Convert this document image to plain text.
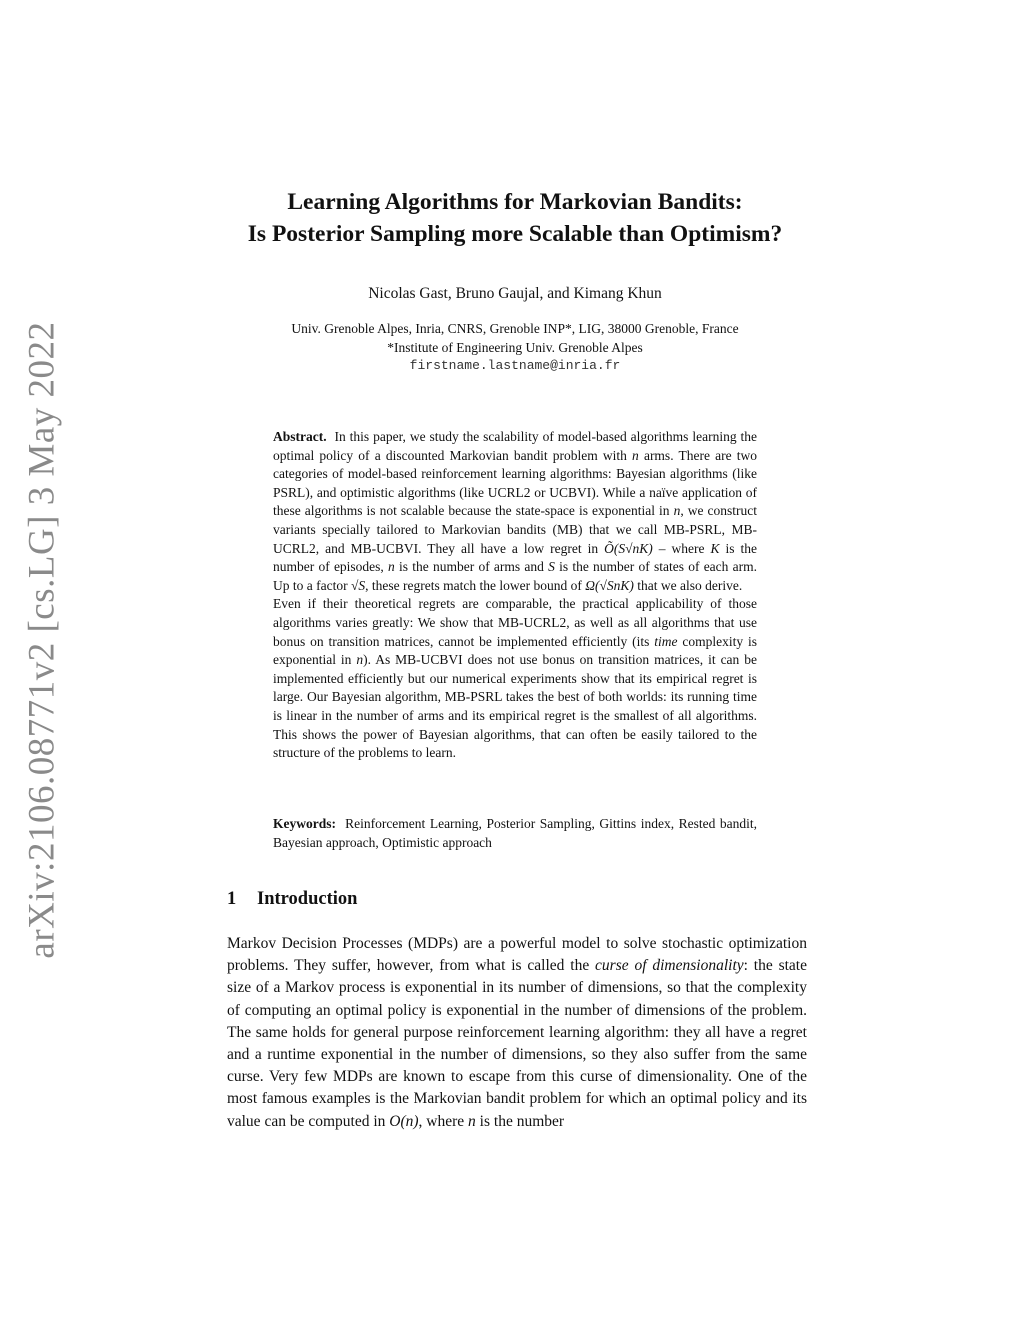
arXiv:2106.08771v2 [cs.LG] 3 May 2022
Learning Algorithms for Markovian Bandits:
Is Posterior Sampling more Scalable than Optimism?
Nicolas Gast, Bruno Gaujal, and Kimang Khun
Univ. Grenoble Alpes, Inria, CNRS, Grenoble INP*, LIG, 38000 Grenoble, France
*Institute of Engineering Univ. Grenoble Alpes
firstname.lastname@inria.fr

Abstract. In this paper, we study the scalability of model-based algorithms learning the optimal policy of a discounted Markovian bandit problem with n arms. There are two categories of model-based reinforcement learning algorithms: Bayesian algorithms (like PSRL), and optimistic algorithms (like UCRL2 or UCBVI). While a naïve application of these algorithms is not scalable because the state-space is exponential in n, we construct variants specially tailored to Markovian bandits (MB) that we call MB-PSRL, MB-UCRL2, and MB-UCBVI. They all have a low regret in Õ(S√nK) – where K is the number of episodes, n is the number of arms and S is the number of states of each arm. Up to a factor √S, these regrets match the lower bound of Ω(√SnK) that we also derive.

Even if their theoretical regrets are comparable, the practical applicability of those algorithms varies greatly: We show that MB-UCRL2, as well as all algorithms that use bonus on transition matrices, cannot be implemented efficiently (its time complexity is exponential in n). As MB-UCBVI does not use bonus on transition matrices, it can be implemented efficiently but our numerical experiments show that its empirical regret is large. Our Bayesian algorithm, MB-PSRL takes the best of both worlds: its running time is linear in the number of arms and its empirical regret is the smallest of all algorithms. This shows the power of Bayesian algorithms, that can often be easily tailored to the structure of the problems to learn.

Keywords: Reinforcement Learning, Posterior Sampling, Gittins index, Rested bandit, Bayesian approach, Optimistic approach
1 Introduction

Markov Decision Processes (MDPs) are a powerful model to solve stochastic optimization problems. They suffer, however, from what is called the curse of dimensionality: the state size of a Markov process is exponential in its number of dimensions, so that the complexity of computing an optimal policy is exponential in the number of dimensions of the problem. The same holds for general purpose reinforcement learning algorithm: they all have a regret and a runtime exponential in the number of dimensions, so they also suffer from the same curse. Very few MDPs are known to escape from this curse of dimensionality. One of the most famous examples is the Markovian bandit problem for which an optimal policy and its value can be computed in O(n), where n is the number
